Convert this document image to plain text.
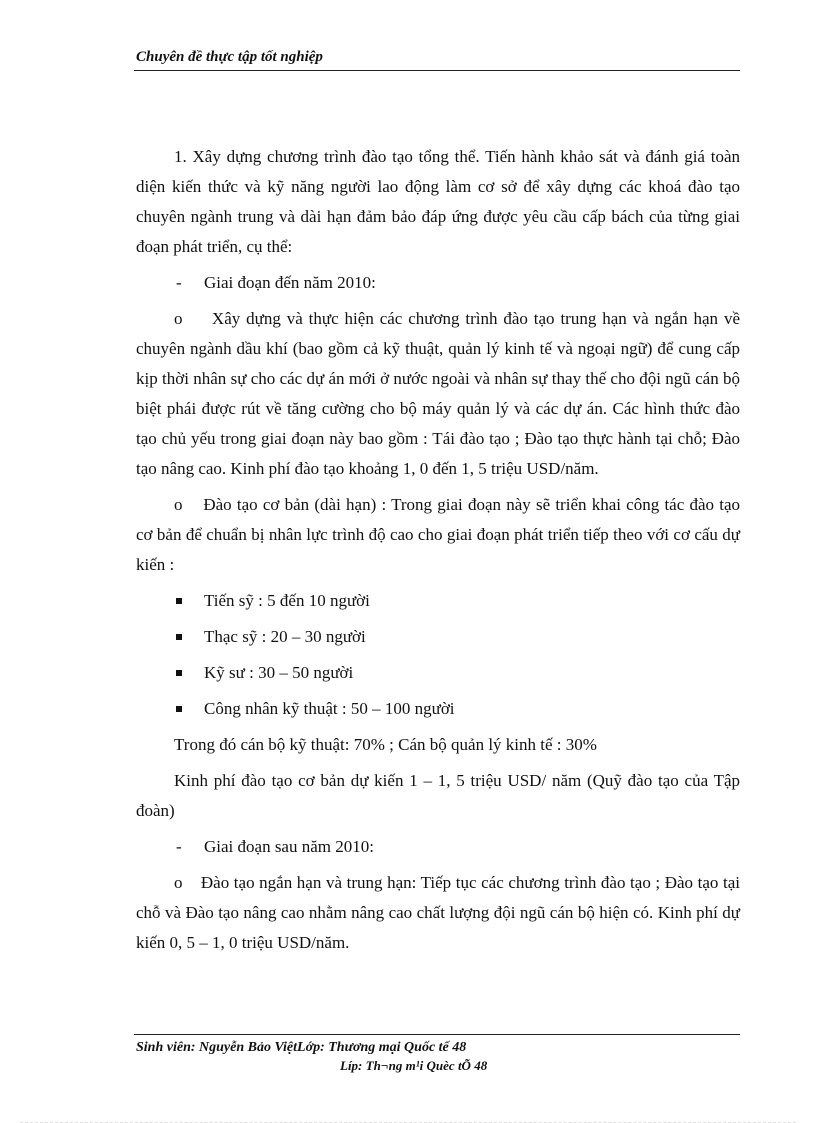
Chuyên đề thực tập tốt nghiệp

1. Xây dựng chương trình đào tạo tổng thể. Tiến hành khảo sát và đánh giá toàn diện kiến thức và kỹ năng người lao động làm cơ sở để xây dựng các khoá đào tạo chuyên ngành trung và dài hạn đảm bảo đáp ứng được yêu cầu cấp bách của từng giai đoạn phát triển, cụ thể:

- Giai đoạn đến năm 2010:

o     Xây dựng và thực hiện các chương trình đào tạo trung hạn và ngắn hạn về chuyên ngành dầu khí (bao gồm cả kỹ thuật, quản lý kinh tế và ngoại ngữ) để cung cấp kịp thời nhân sự cho các dự án mới ở nước ngoài và nhân sự thay thế cho đội ngũ cán bộ biệt phái được rút về tăng cường cho bộ máy quản lý và các dự án. Các hình thức đào tạo chủ yếu trong giai đoạn này bao gồm : Tái đào tạo ; Đào tạo thực hành tại chỗ; Đào tạo nâng cao. Kinh phí đào tạo khoảng 1, 0 đến 1, 5 triệu USD/năm.

o Đào tạo cơ bản (dài hạn) : Trong giai đoạn này sẽ triển khai công tác đào tạo cơ bản để chuẩn bị nhân lực trình độ cao cho giai đoạn phát triển tiếp theo với cơ cấu dự kiến :

Tiến sỹ : 5 đến 10 người
Thạc sỹ : 20 – 30 người
Kỹ sư : 30 – 50 người
Công nhân kỹ thuật : 50 – 100 người

Trong đó cán bộ kỹ thuật: 70% ; Cán bộ quản lý kinh tế : 30%

Kinh phí đào tạo cơ bản dự kiến 1 – 1, 5 triệu USD/ năm (Quỹ đào tạo của Tập đoàn)

- Giai đoạn sau năm 2010:

o Đào tạo ngắn hạn và trung hạn: Tiếp tục các chương trình đào tạo ; Đào tạo tại chỗ và Đào tạo nâng cao nhằm nâng cao chất lượng đội ngũ cán bộ hiện có. Kinh phí dự kiến 0, 5 – 1, 0 triệu USD/năm.

Sinh viên: Nguyễn Bảo ViệtLớp: Thương mại Quốc tế 48
Líp: Th¬ng m¹i Quèc tÕ 48
